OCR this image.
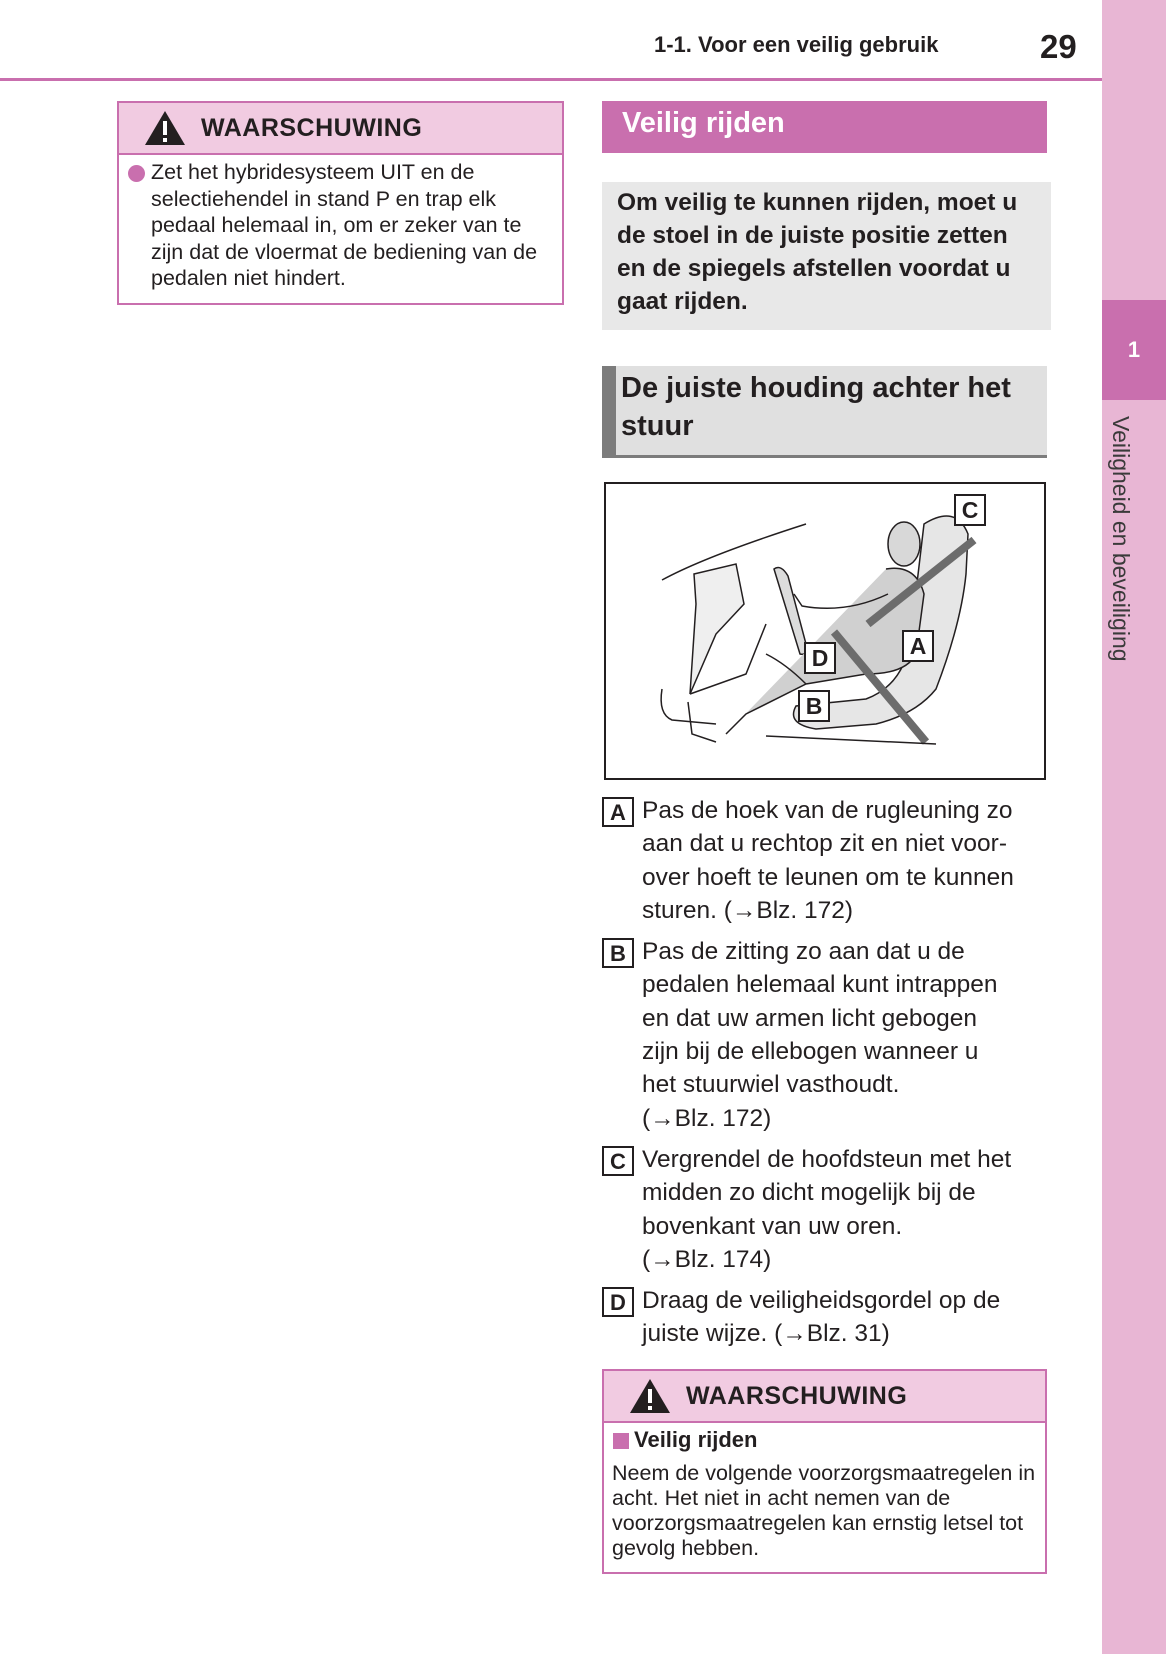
1
Veiligheid en beveiliging
1-1. Voor een veilig gebruik	29
WAARSCHUWING
Zet het hybridesysteem UIT en de selectiehendel in stand P en trap elk pedaal helemaal in, om er zeker van te zijn dat de vloermat de bediening van de pedalen niet hindert.
Veilig rijden
Om veilig te kunnen rijden, moet u de stoel in de juiste positie zetten en de spiegels afstellen voordat u gaat rijden.
De juiste houding achter het
stuur
C
A
D
B
A Pas de hoek van de rugleuning zo
aan dat u rechtop zit en niet voor-
over hoeft te leunen om te kunnen
sturen. (→Blz. 172)
B Pas de zitting zo aan dat u de
pedalen helemaal kunt intrappen
en dat uw armen licht gebogen
zijn bij de ellebogen wanneer u
het stuurwiel vasthoudt.
(→Blz. 172)
C Vergrendel de hoofdsteun met het
midden zo dicht mogelijk bij de
bovenkant van uw oren.
(→Blz. 174)
D Draag de veiligheidsgordel op de
juiste wijze. (→Blz. 31)
WAARSCHUWING
Veilig rijden
Neem de volgende voorzorgsmaatregelen in acht. Het niet in acht nemen van de voorzorgsmaatregelen kan ernstig letsel tot gevolg hebben.
